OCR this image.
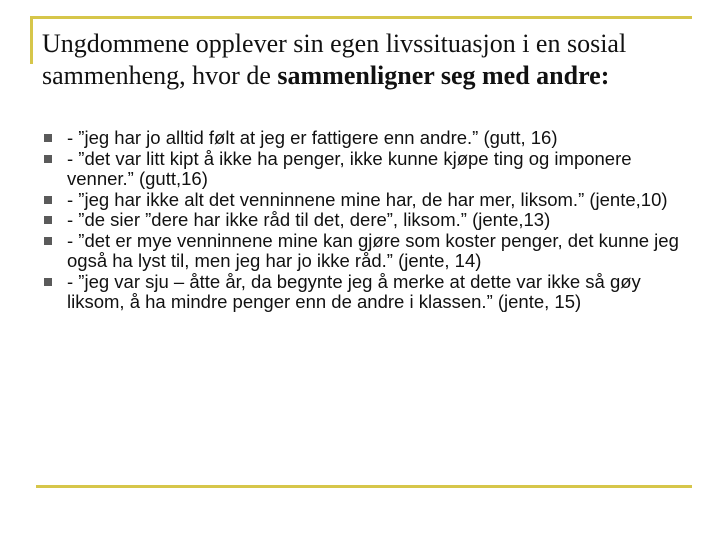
Ungdommene opplever sin egen livssituasjon i en sosial sammenheng, hvor de sammenligner seg med andre:
- ”jeg har jo alltid følt at jeg er fattigere enn andre.” (gutt, 16)
- ”det var litt kipt å ikke ha penger, ikke kunne kjøpe ting og imponere venner.” (gutt,16)
- ”jeg har ikke alt det venninnene mine har, de har mer, liksom.” (jente,10)
- ”de sier ”dere har ikke råd til det, dere”, liksom.” (jente,13)
- ”det er mye venninnene mine kan gjøre som koster penger, det kunne jeg også ha lyst til, men jeg har jo ikke råd.” (jente, 14)
- ”jeg var sju – åtte år, da begynte jeg å merke at dette var ikke så gøy liksom, å ha mindre penger enn de andre i klassen.” (jente, 15)
